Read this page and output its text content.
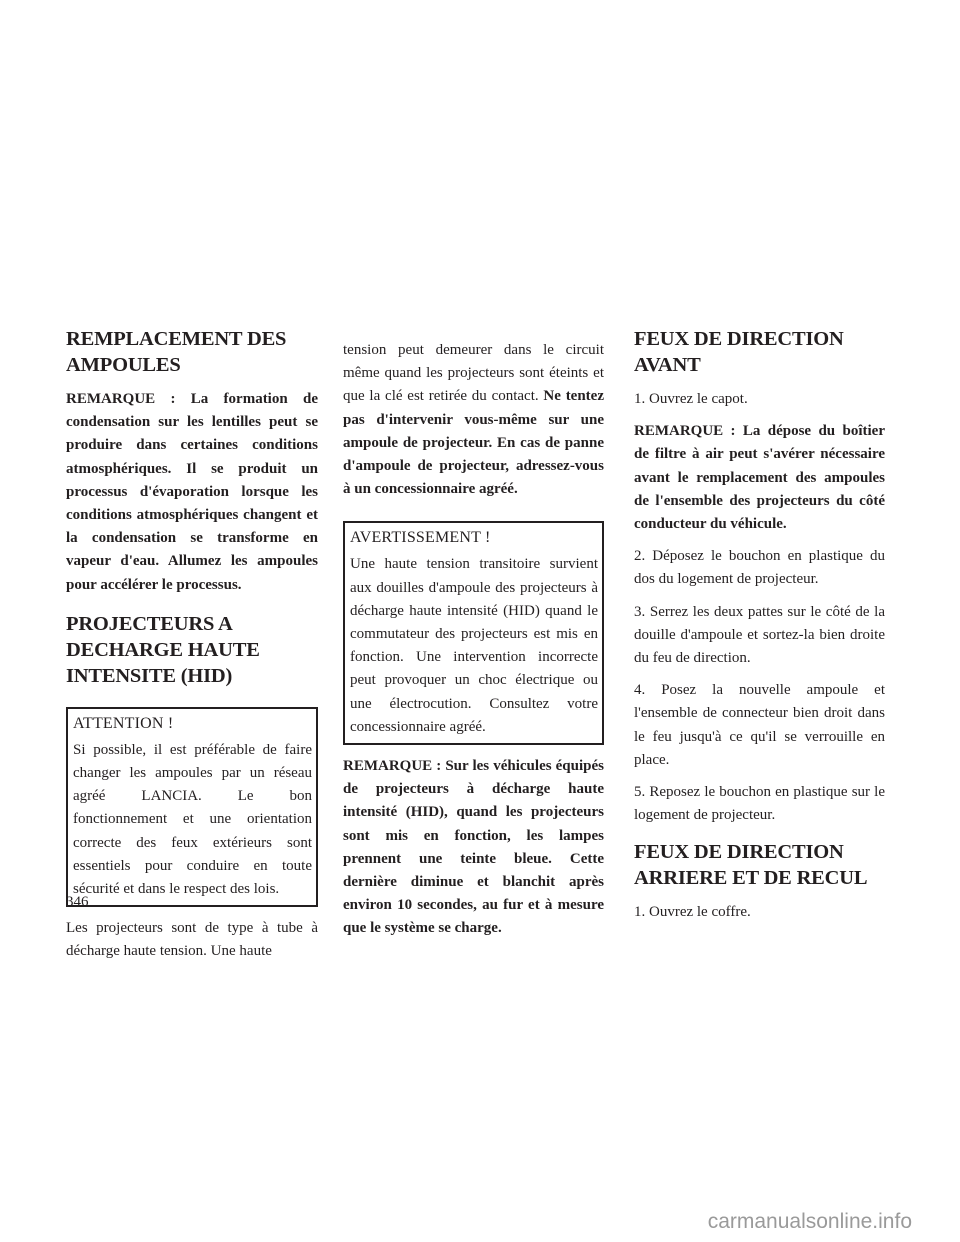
REMPLACEMENT DES AMPOULES

REMARQUE : La formation de condensation sur les lentilles peut se produire dans certaines conditions atmosphériques. Il se produit un processus d'évaporation lorsque les conditions atmosphériques changent et la condensation se transforme en vapeur d'eau. Allumez les ampoules pour accélérer le processus.

PROJECTEURS A DECHARGE HAUTE INTENSITE (HID)
ATTENTION !

Si possible, il est préférable de faire changer les ampoules par un réseau agréé LANCIA. Le bon fonctionnement et une orientation correcte des feux extérieurs sont essentiels pour conduire en toute sécurité et dans le respect des lois.

Les projecteurs sont de type à tube à décharge haute tension. Une haute

tension peut demeurer dans le circuit même quand les projecteurs sont éteints et que la clé est retirée du contact. Ne tentez pas d'intervenir vous-même sur une ampoule de projecteur. En cas de panne d'ampoule de projecteur, adressez-vous à un concessionnaire agréé.

AVERTISSEMENT !

Une haute tension transitoire survient aux douilles d'ampoule des projecteurs à décharge haute intensité (HID) quand le commutateur des projecteurs est mis en fonction. Une intervention incorrecte peut provoquer un choc électrique ou une électrocution. Consultez votre concessionnaire agréé.

REMARQUE : Sur les véhicules équipés de projecteurs à décharge haute intensité (HID), quand les projecteurs sont mis en fonction, les lampes prennent une teinte bleue. Cette dernière diminue et blanchit après environ 10 secondes, au fur et à mesure que le système se charge.

FEUX DE DIRECTION AVANT

1. Ouvrez le capot.

REMARQUE : La dépose du boîtier de filtre à air peut s'avérer nécessaire avant le remplacement des ampoules de l'ensemble des projecteurs du côté conducteur du véhicule.

2. Déposez le bouchon en plastique du dos du logement de projecteur.

3. Serrez les deux pattes sur le côté de la douille d'ampoule et sortez-la bien droite du feu de direction.

4. Posez la nouvelle ampoule et l'ensemble de connecteur bien droit dans le feu jusqu'à ce qu'il se verrouille en place.

5. Reposez le bouchon en plastique sur le logement de projecteur.

FEUX DE DIRECTION ARRIERE ET DE RECUL

1. Ouvrez le coffre.

346
carmanualsonline.info
